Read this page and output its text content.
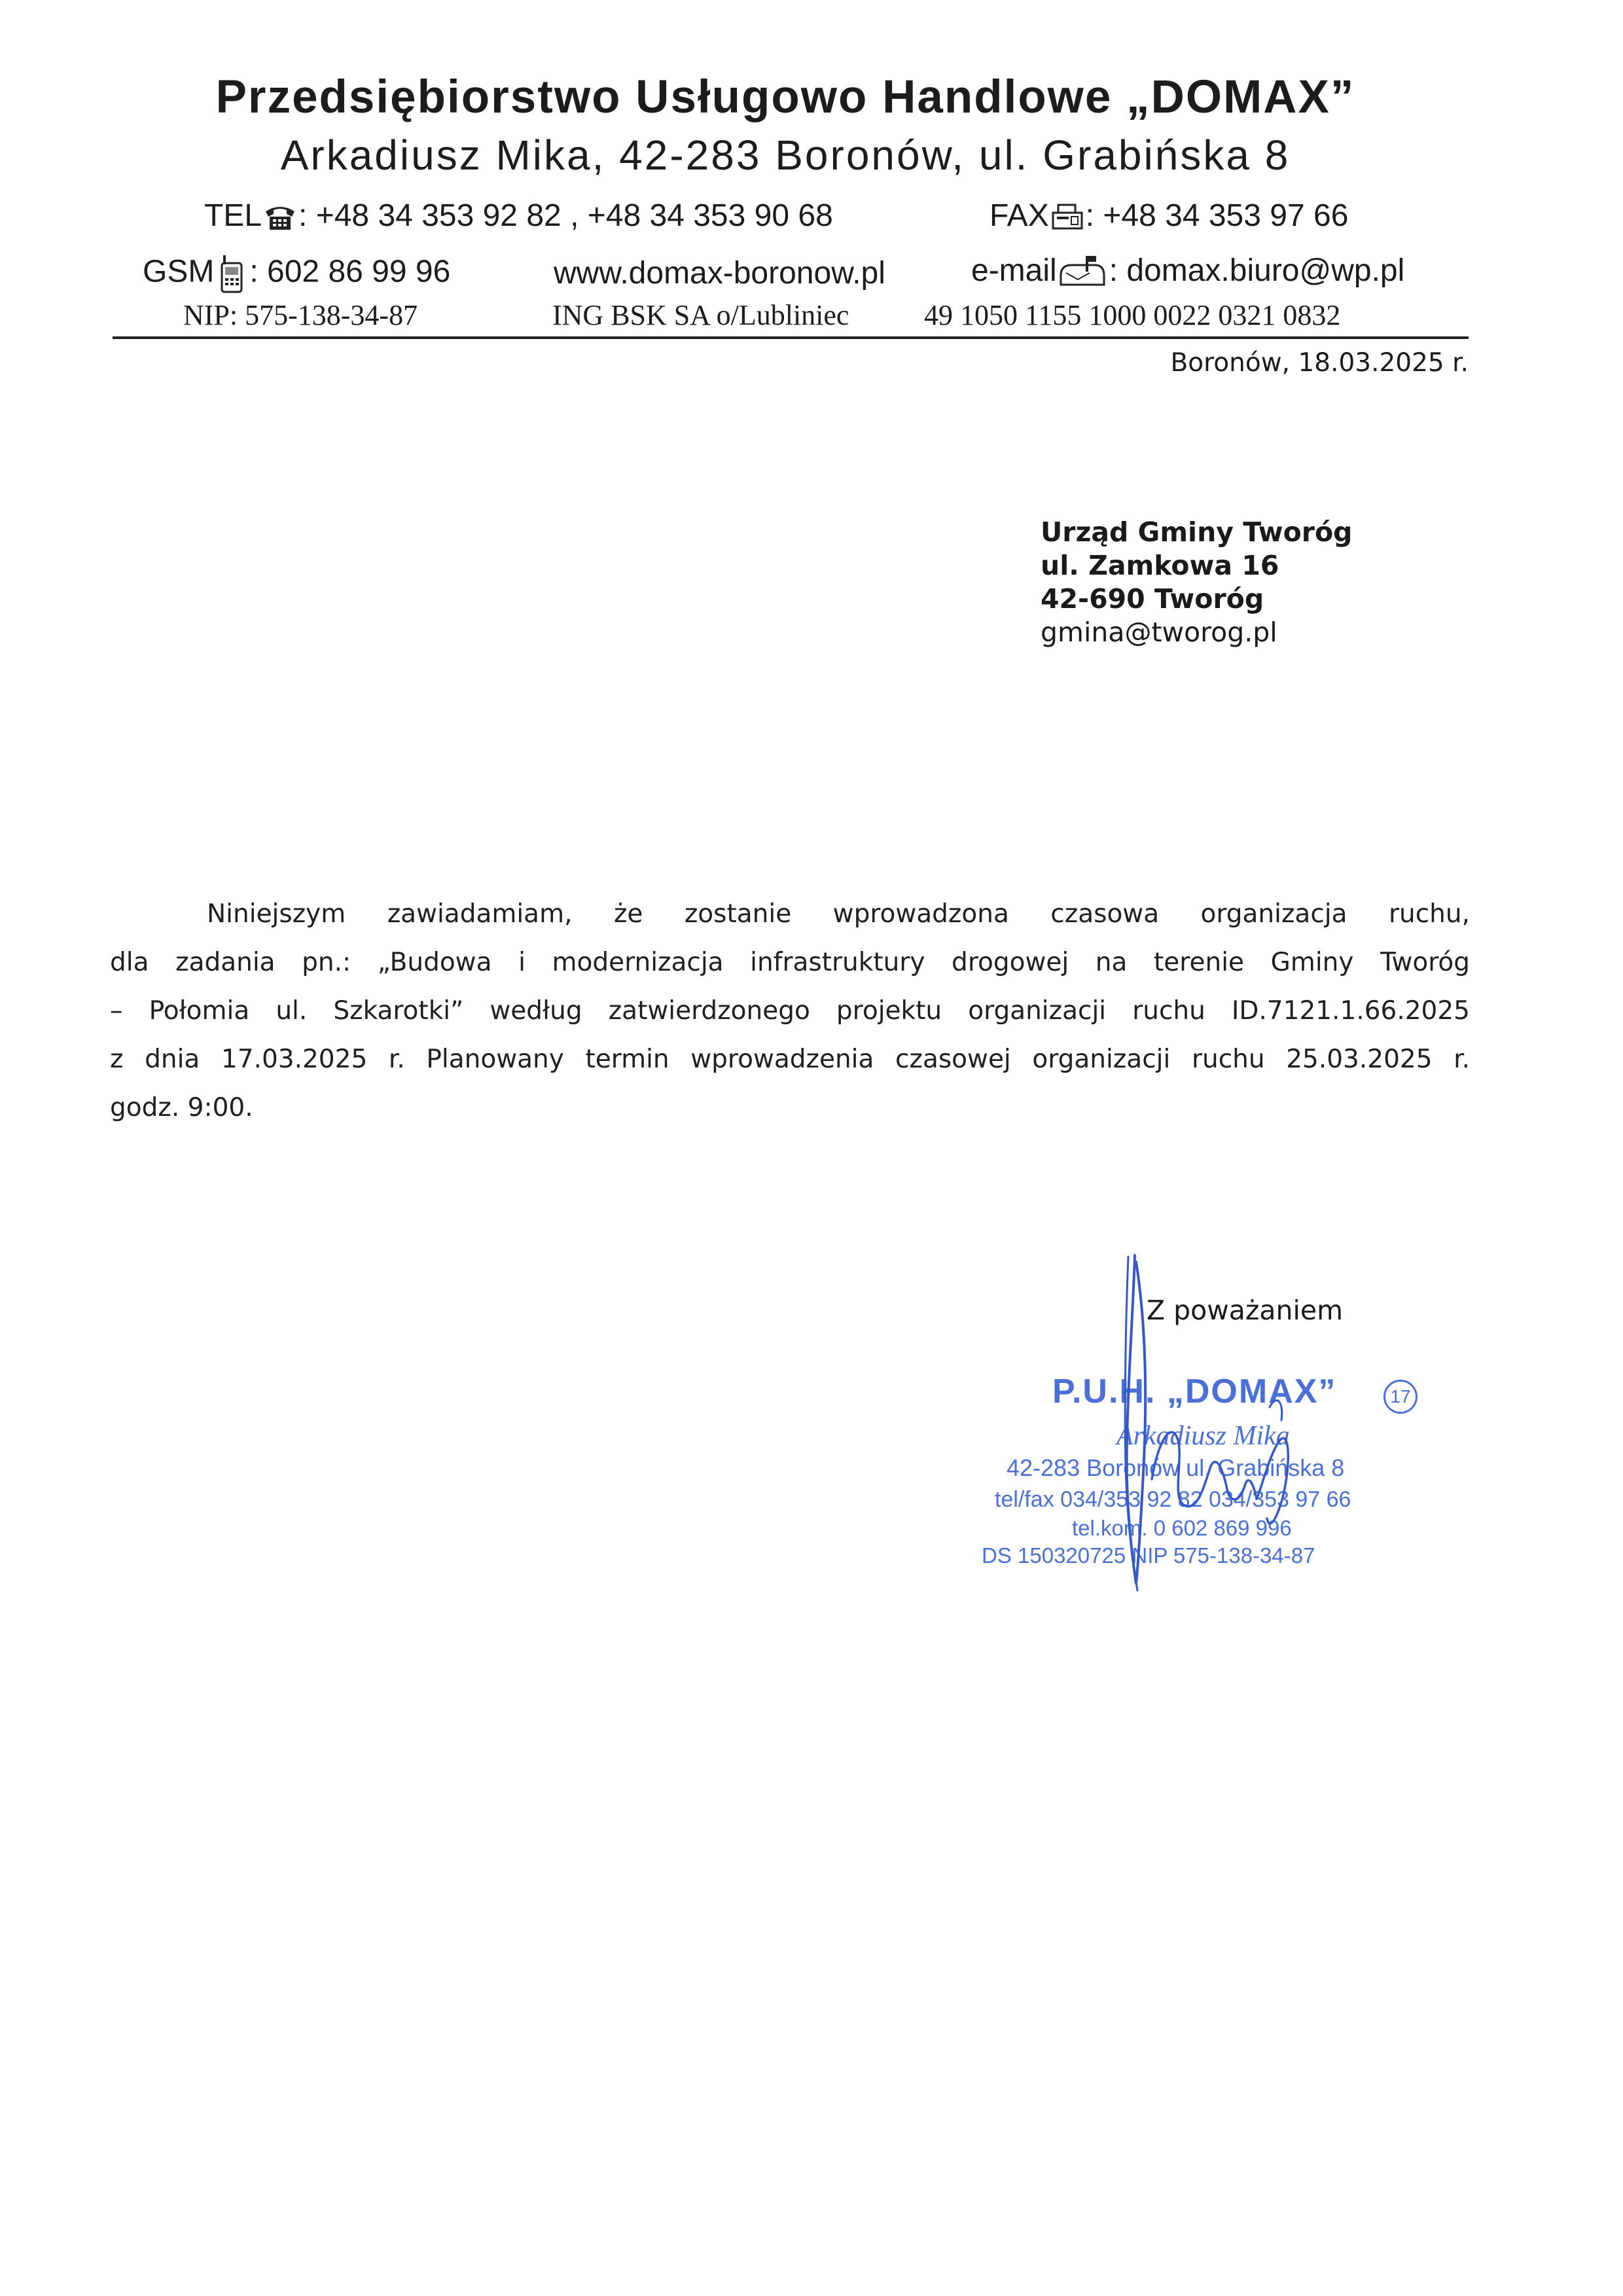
Przedsiębiorstwo Usługowo Handlowe „DOMAX”
Arkadiusz Mika, 42-283 Boronów, ul. Grabińska 8
TEL : +48 34 353 92 82 , +48 34 353 90 68	FAX : +48 34 353 97 66
GSM : 602 86 99 96	www.domax-boronow.pl	e-mail : domax.biuro@wp.pl
NIP: 575-138-34-87	ING BSK SA o/Lubliniec	49 1050 1155 1000 0022 0321 0832
Boronów, 18.03.2025 r.
Urząd Gminy Tworóg
ul. Zamkowa 16
42-690 Tworóg
gmina@tworog.pl
Niniejszym zawiadamiam, że zostanie wprowadzona czasowa organizacja ruchu,
dla zadania pn.: „Budowa i modernizacja infrastruktury drogowej na terenie Gminy Tworóg
– Połomia ul. Szkarotki” według zatwierdzonego projektu organizacji ruchu ID.7121.1.66.2025
z dnia 17.03.2025 r. Planowany termin wprowadzenia czasowej organizacji ruchu 25.03.2025 r.
godz. 9:00.
Z poważaniem
P.U.H. „DOMAX”	17
Arkadiusz Mika
42-283 Boronów ul. Grabińska 8
tel/fax 034/353 92 82 034/353 97 66
tel.kom. 0 602 869 996
DS 150320725 NIP 575-138-34-87
